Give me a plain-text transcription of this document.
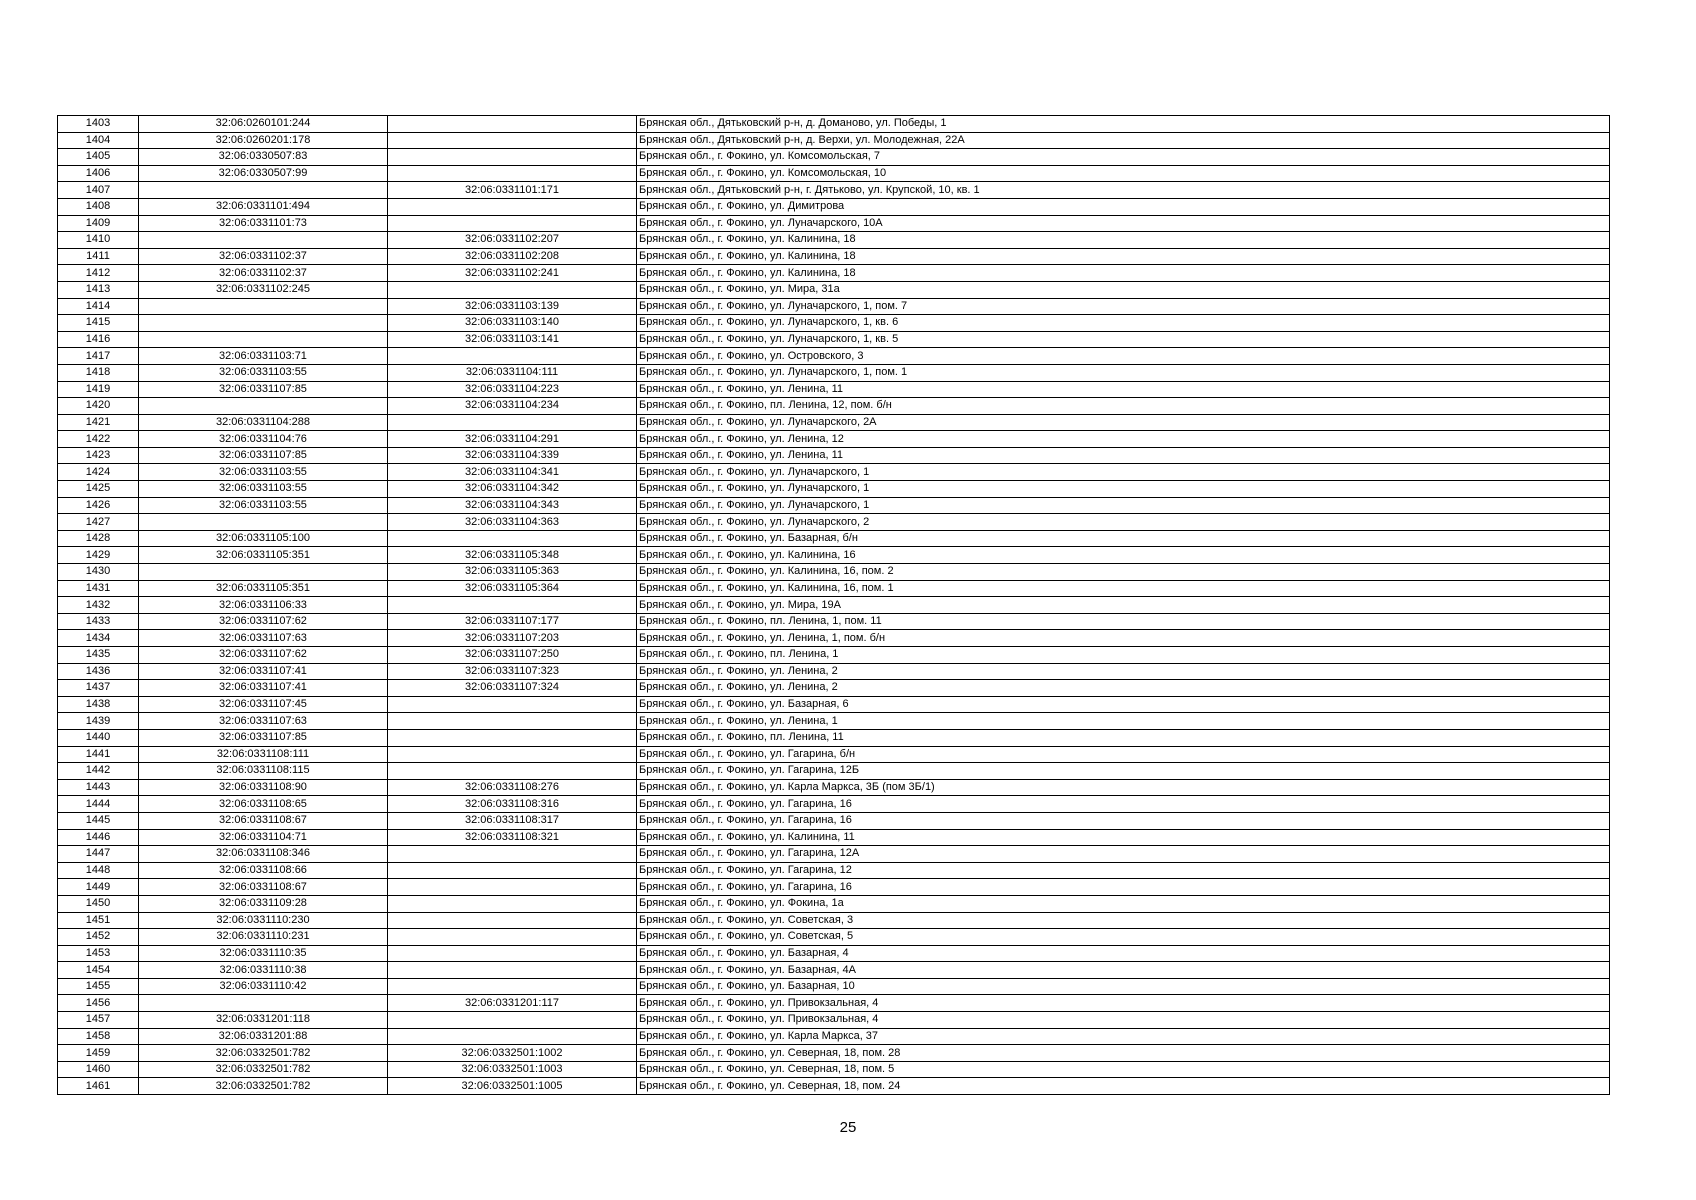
1403	32:06:0260101:244		Брянская обл., Дятьковский р-н, д. Доманово, ул. Победы, 1
1404	32:06:0260201:178		Брянская обл., Дятьковский р-н, д. Верхи, ул. Молодежная, 22А
1405	32:06:0330507:83		Брянская обл., г. Фокино, ул. Комсомольская, 7
1406	32:06:0330507:99		Брянская обл., г. Фокино, ул. Комсомольская, 10
1407		32:06:0331101:171	Брянская обл., Дятьковский р-н, г. Дятьково, ул. Крупской, 10, кв. 1
1408	32:06:0331101:494		Брянская обл., г. Фокино, ул. Димитрова
1409	32:06:0331101:73		Брянская обл., г. Фокино, ул. Луначарского, 10А
1410		32:06:0331102:207	Брянская обл., г. Фокино, ул. Калинина, 18
1411	32:06:0331102:37	32:06:0331102:208	Брянская обл., г. Фокино, ул. Калинина, 18
1412	32:06:0331102:37	32:06:0331102:241	Брянская обл., г. Фокино, ул. Калинина, 18
1413	32:06:0331102:245		Брянская обл., г. Фокино, ул. Мира, 31а
1414		32:06:0331103:139	Брянская обл., г. Фокино, ул. Луначарского, 1, пом. 7
1415		32:06:0331103:140	Брянская обл., г. Фокино, ул. Луначарского, 1, кв. 6
1416		32:06:0331103:141	Брянская обл., г. Фокино, ул. Луначарского, 1, кв. 5
1417	32:06:0331103:71		Брянская обл., г. Фокино, ул. Островского, 3
1418	32:06:0331103:55	32:06:0331104:111	Брянская обл., г. Фокино, ул. Луначарского, 1, пом. 1
1419	32:06:0331107:85	32:06:0331104:223	Брянская обл., г. Фокино, ул. Ленина, 11
1420		32:06:0331104:234	Брянская обл., г. Фокино, пл. Ленина, 12, пом. б/н
1421	32:06:0331104:288		Брянская обл., г. Фокино, ул. Луначарского, 2А
1422	32:06:0331104:76	32:06:0331104:291	Брянская обл., г. Фокино, ул. Ленина, 12
1423	32:06:0331107:85	32:06:0331104:339	Брянская обл., г. Фокино, ул. Ленина, 11
1424	32:06:0331103:55	32:06:0331104:341	Брянская обл., г. Фокино, ул. Луначарского, 1
1425	32:06:0331103:55	32:06:0331104:342	Брянская обл., г. Фокино, ул. Луначарского, 1
1426	32:06:0331103:55	32:06:0331104:343	Брянская обл., г. Фокино, ул. Луначарского, 1
1427		32:06:0331104:363	Брянская обл., г. Фокино, ул. Луначарского, 2
1428	32:06:0331105:100		Брянская обл., г. Фокино, ул. Базарная, б/н
1429	32:06:0331105:351	32:06:0331105:348	Брянская обл., г. Фокино, ул. Калинина, 16
1430		32:06:0331105:363	Брянская обл., г. Фокино, ул. Калинина, 16, пом. 2
1431	32:06:0331105:351	32:06:0331105:364	Брянская обл., г. Фокино, ул. Калинина, 16, пом. 1
1432	32:06:0331106:33		Брянская обл., г. Фокино, ул. Мира, 19А
1433	32:06:0331107:62	32:06:0331107:177	Брянская обл., г. Фокино, пл. Ленина, 1, пом. 11
1434	32:06:0331107:63	32:06:0331107:203	Брянская обл., г. Фокино, ул. Ленина, 1, пом. б/н
1435	32:06:0331107:62	32:06:0331107:250	Брянская обл., г. Фокино, пл. Ленина, 1
1436	32:06:0331107:41	32:06:0331107:323	Брянская обл., г. Фокино, ул. Ленина, 2
1437	32:06:0331107:41	32:06:0331107:324	Брянская обл., г. Фокино, ул. Ленина, 2
1438	32:06:0331107:45		Брянская обл., г. Фокино, ул. Базарная, 6
1439	32:06:0331107:63		Брянская обл., г. Фокино, ул. Ленина, 1
1440	32:06:0331107:85		Брянская обл., г. Фокино, пл. Ленина, 11
1441	32:06:0331108:111		Брянская обл., г. Фокино, ул. Гагарина, б/н
1442	32:06:0331108:115		Брянская обл., г. Фокино, ул. Гагарина, 12Б
1443	32:06:0331108:90	32:06:0331108:276	Брянская обл., г. Фокино, ул. Карла Маркса, 3Б (пом 3Б/1)
1444	32:06:0331108:65	32:06:0331108:316	Брянская обл., г. Фокино, ул. Гагарина, 16
1445	32:06:0331108:67	32:06:0331108:317	Брянская обл., г. Фокино, ул. Гагарина, 16
1446	32:06:0331104:71	32:06:0331108:321	Брянская обл., г. Фокино, ул. Калинина, 11
1447	32:06:0331108:346		Брянская обл., г. Фокино, ул. Гагарина, 12А
1448	32:06:0331108:66		Брянская обл., г. Фокино, ул. Гагарина, 12
1449	32:06:0331108:67		Брянская обл., г. Фокино, ул. Гагарина, 16
1450	32:06:0331109:28		Брянская обл., г. Фокино, ул. Фокина, 1а
1451	32:06:0331110:230		Брянская обл., г. Фокино, ул. Советская, 3
1452	32:06:0331110:231		Брянская обл., г. Фокино, ул. Советская, 5
1453	32:06:0331110:35		Брянская обл., г. Фокино, ул. Базарная, 4
1454	32:06:0331110:38		Брянская обл., г. Фокино, ул. Базарная, 4А
1455	32:06:0331110:42		Брянская обл., г. Фокино, ул. Базарная, 10
1456		32:06:0331201:117	Брянская обл., г. Фокино, ул. Привокзальная, 4
1457	32:06:0331201:118		Брянская обл., г. Фокино, ул. Привокзальная, 4
1458	32:06:0331201:88		Брянская обл., г. Фокино, ул. Карла Маркса, 37
1459	32:06:0332501:782	32:06:0332501:1002	Брянская обл., г. Фокино, ул. Северная, 18, пом. 28
1460	32:06:0332501:782	32:06:0332501:1003	Брянская обл., г. Фокино, ул. Северная, 18, пом. 5
1461	32:06:0332501:782	32:06:0332501:1005	Брянская обл., г. Фокино, ул. Северная, 18, пом. 24
25
